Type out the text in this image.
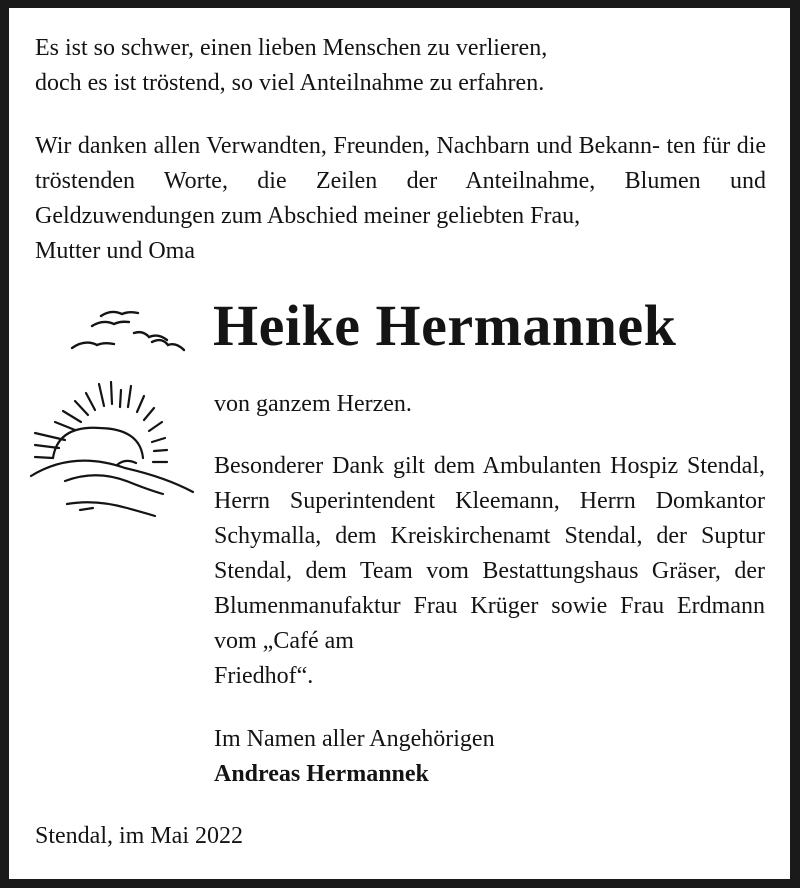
Es ist so schwer, einen lieben Menschen zu verlieren,
doch es ist tröstend, so viel Anteilnahme zu erfahren.

Wir danken allen Verwandten, Freunden, Nachbarn und Bekann- ten für die tröstenden Worte, die Zeilen der Anteilnahme, Blumen und Geldzuwendungen zum Abschied meiner geliebten Frau,
Mutter und Oma

Heike Hermannek

von ganzem Herzen.

Besonderer Dank gilt dem Ambulanten Hospiz Stendal, Herrn Superintendent Kleemann, Herrn Domkantor Schymalla, dem Kreiskirchenamt Stendal, der Suptur Stendal, dem Team vom Bestattungshaus Gräser, der Blumenmanufaktur Frau Krüger sowie Frau Erdmann vom „Café am
Friedhof“.

Im Namen aller Angehörigen

Andreas Hermannek

Stendal, im Mai 2022
